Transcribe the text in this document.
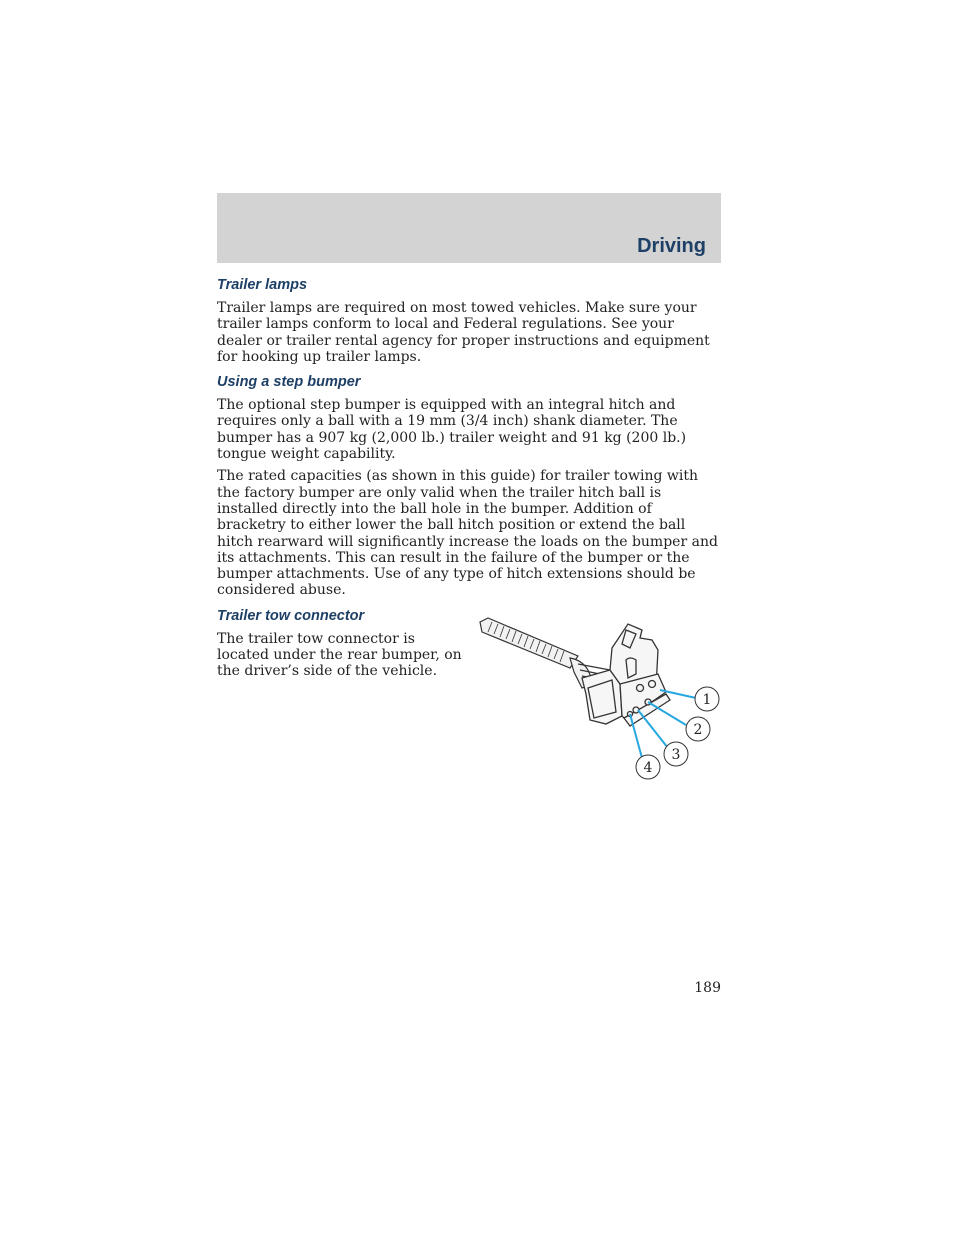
Driving
Trailer lamps

Trailer lamps are required on most towed vehicles. Make sure your trailer lamps conform to local and Federal regulations. See your dealer or trailer rental agency for proper instructions and equipment for hooking up trailer lamps.

Using a step bumper

The optional step bumper is equipped with an integral hitch and requires only a ball with a 19 mm (3/4 inch) shank diameter. The bumper has a 907 kg (2,000 lb.) trailer weight and 91 kg (200 lb.) tongue weight capability.

The rated capacities (as shown in this guide) for trailer towing with the factory bumper are only valid when the trailer hitch ball is installed directly into the ball hole in the bumper. Addition of bracketry to either lower the ball hitch position or extend the ball hitch rearward will significantly increase the loads on the bumper and its attachments. This can result in the failure of the bumper or the bumper attachments. Use of any type of hitch extensions should be considered abuse.

Trailer tow connector

The trailer tow connector is located under the rear bumper, on the driver’s side of the vehicle.

1
2
3
4
189
